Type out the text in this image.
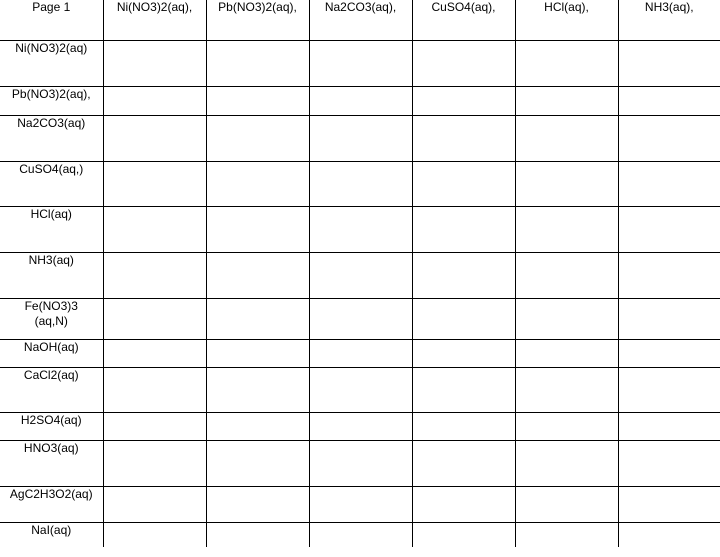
Page 1	Ni(NO3)2(aq),	Pb(NO3)2(aq),	Na2CO3(aq),	CuSO4(aq),	HCl(aq),	NH3(aq),
Ni(NO3)2(aq)						
Pb(NO3)2(aq),						
Na2CO3(aq)						
CuSO4(aq,)						
HCl(aq)						
NH3(aq)						
Fe(NO3)3 (aq,N)						
NaOH(aq)						
CaCl2(aq)						
H2SO4(aq)						
HNO3(aq)						
AgC2H3O2(aq)						
NaI(aq)						
